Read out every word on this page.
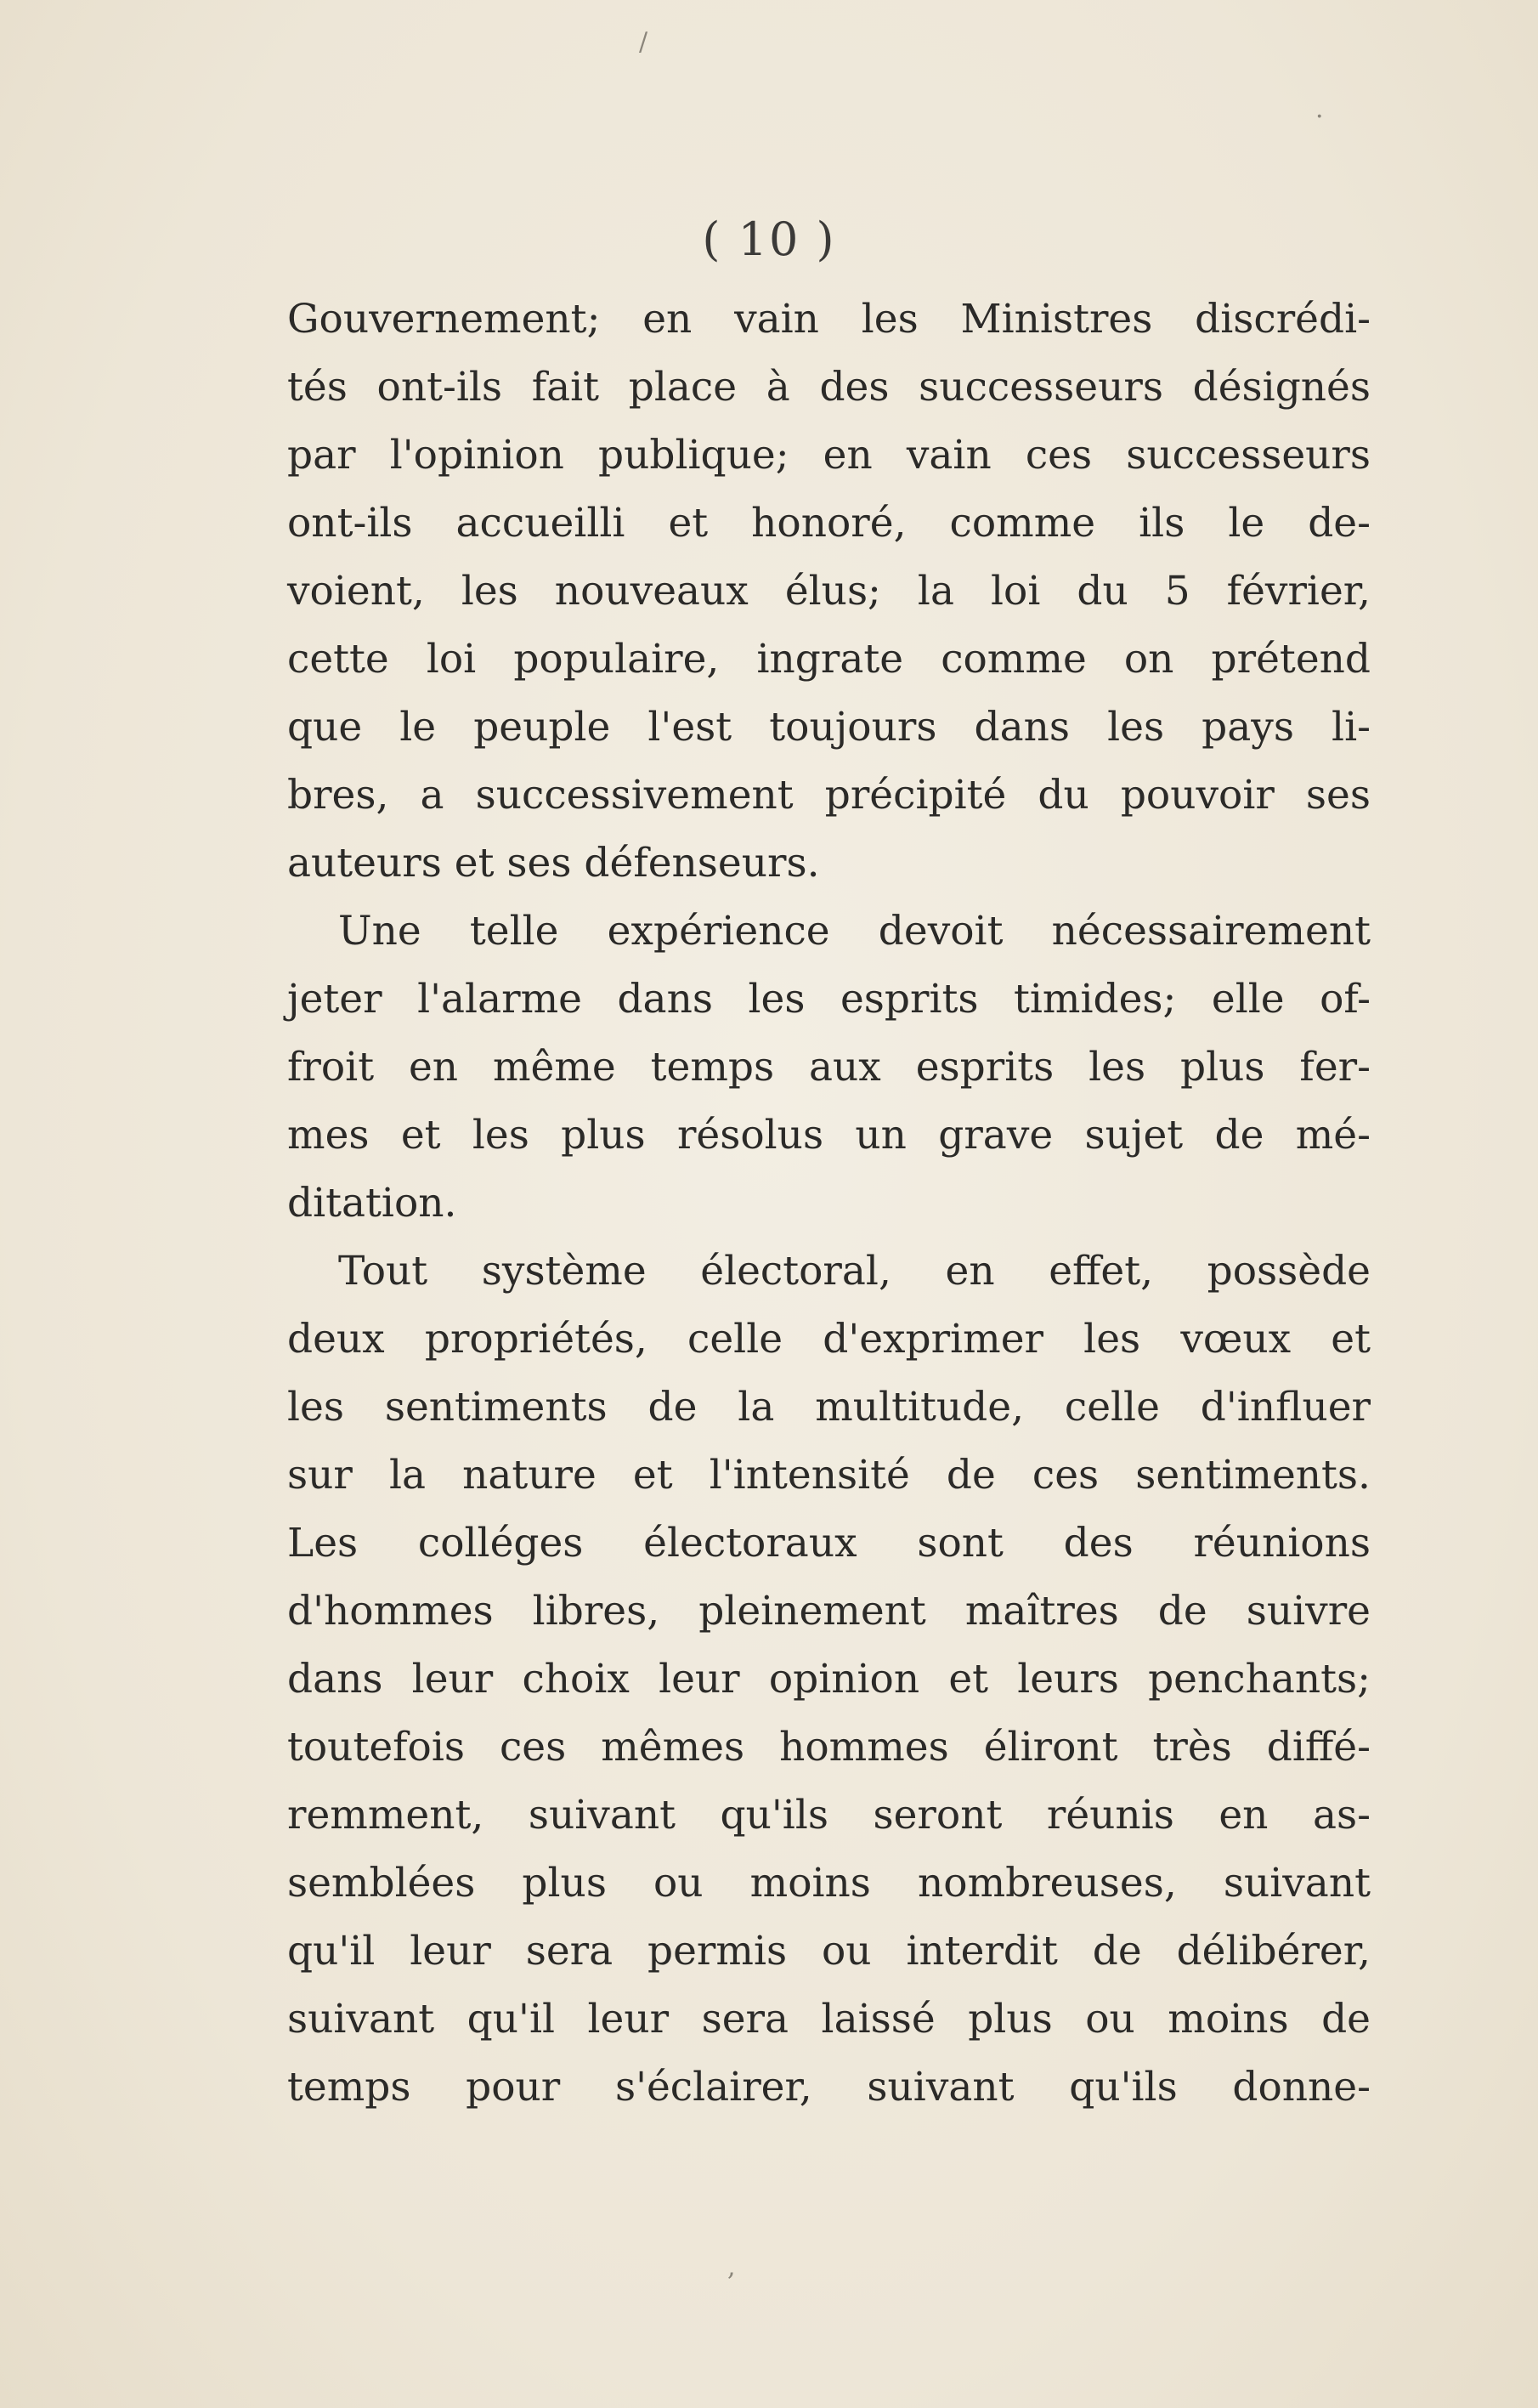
/
·
,
( 10 )
Gouvernement; en vain les Ministres discrédi-
tés ont-ils fait place à des successeurs désignés
par l'opinion publique; en vain ces successeurs
ont-ils accueilli et honoré, comme ils le de-
voient, les nouveaux élus; la loi du 5 février,
cette loi populaire, ingrate comme on prétend
que le peuple l'est toujours dans les pays li-
bres, a successivement précipité du pouvoir ses
auteurs et ses défenseurs.
Une telle expérience devoit nécessairement
jeter l'alarme dans les esprits timides; elle of-
froit en même temps aux esprits les plus fer-
mes et les plus résolus un grave sujet de mé-
ditation.
Tout système électoral, en effet, possède
deux propriétés, celle d'exprimer les vœux et
les sentiments de la multitude, celle d'influer
sur la nature et l'intensité de ces sentiments.
Les colléges électoraux sont des réunions
d'hommes libres, pleinement maîtres de suivre
dans leur choix leur opinion et leurs penchants;
toutefois ces mêmes hommes éliront très diffé-
remment, suivant qu'ils seront réunis en as-
semblées plus ou moins nombreuses, suivant
qu'il leur sera permis ou interdit de délibérer,
suivant qu'il leur sera laissé plus ou moins de
temps pour s'éclairer, suivant qu'ils donne-
